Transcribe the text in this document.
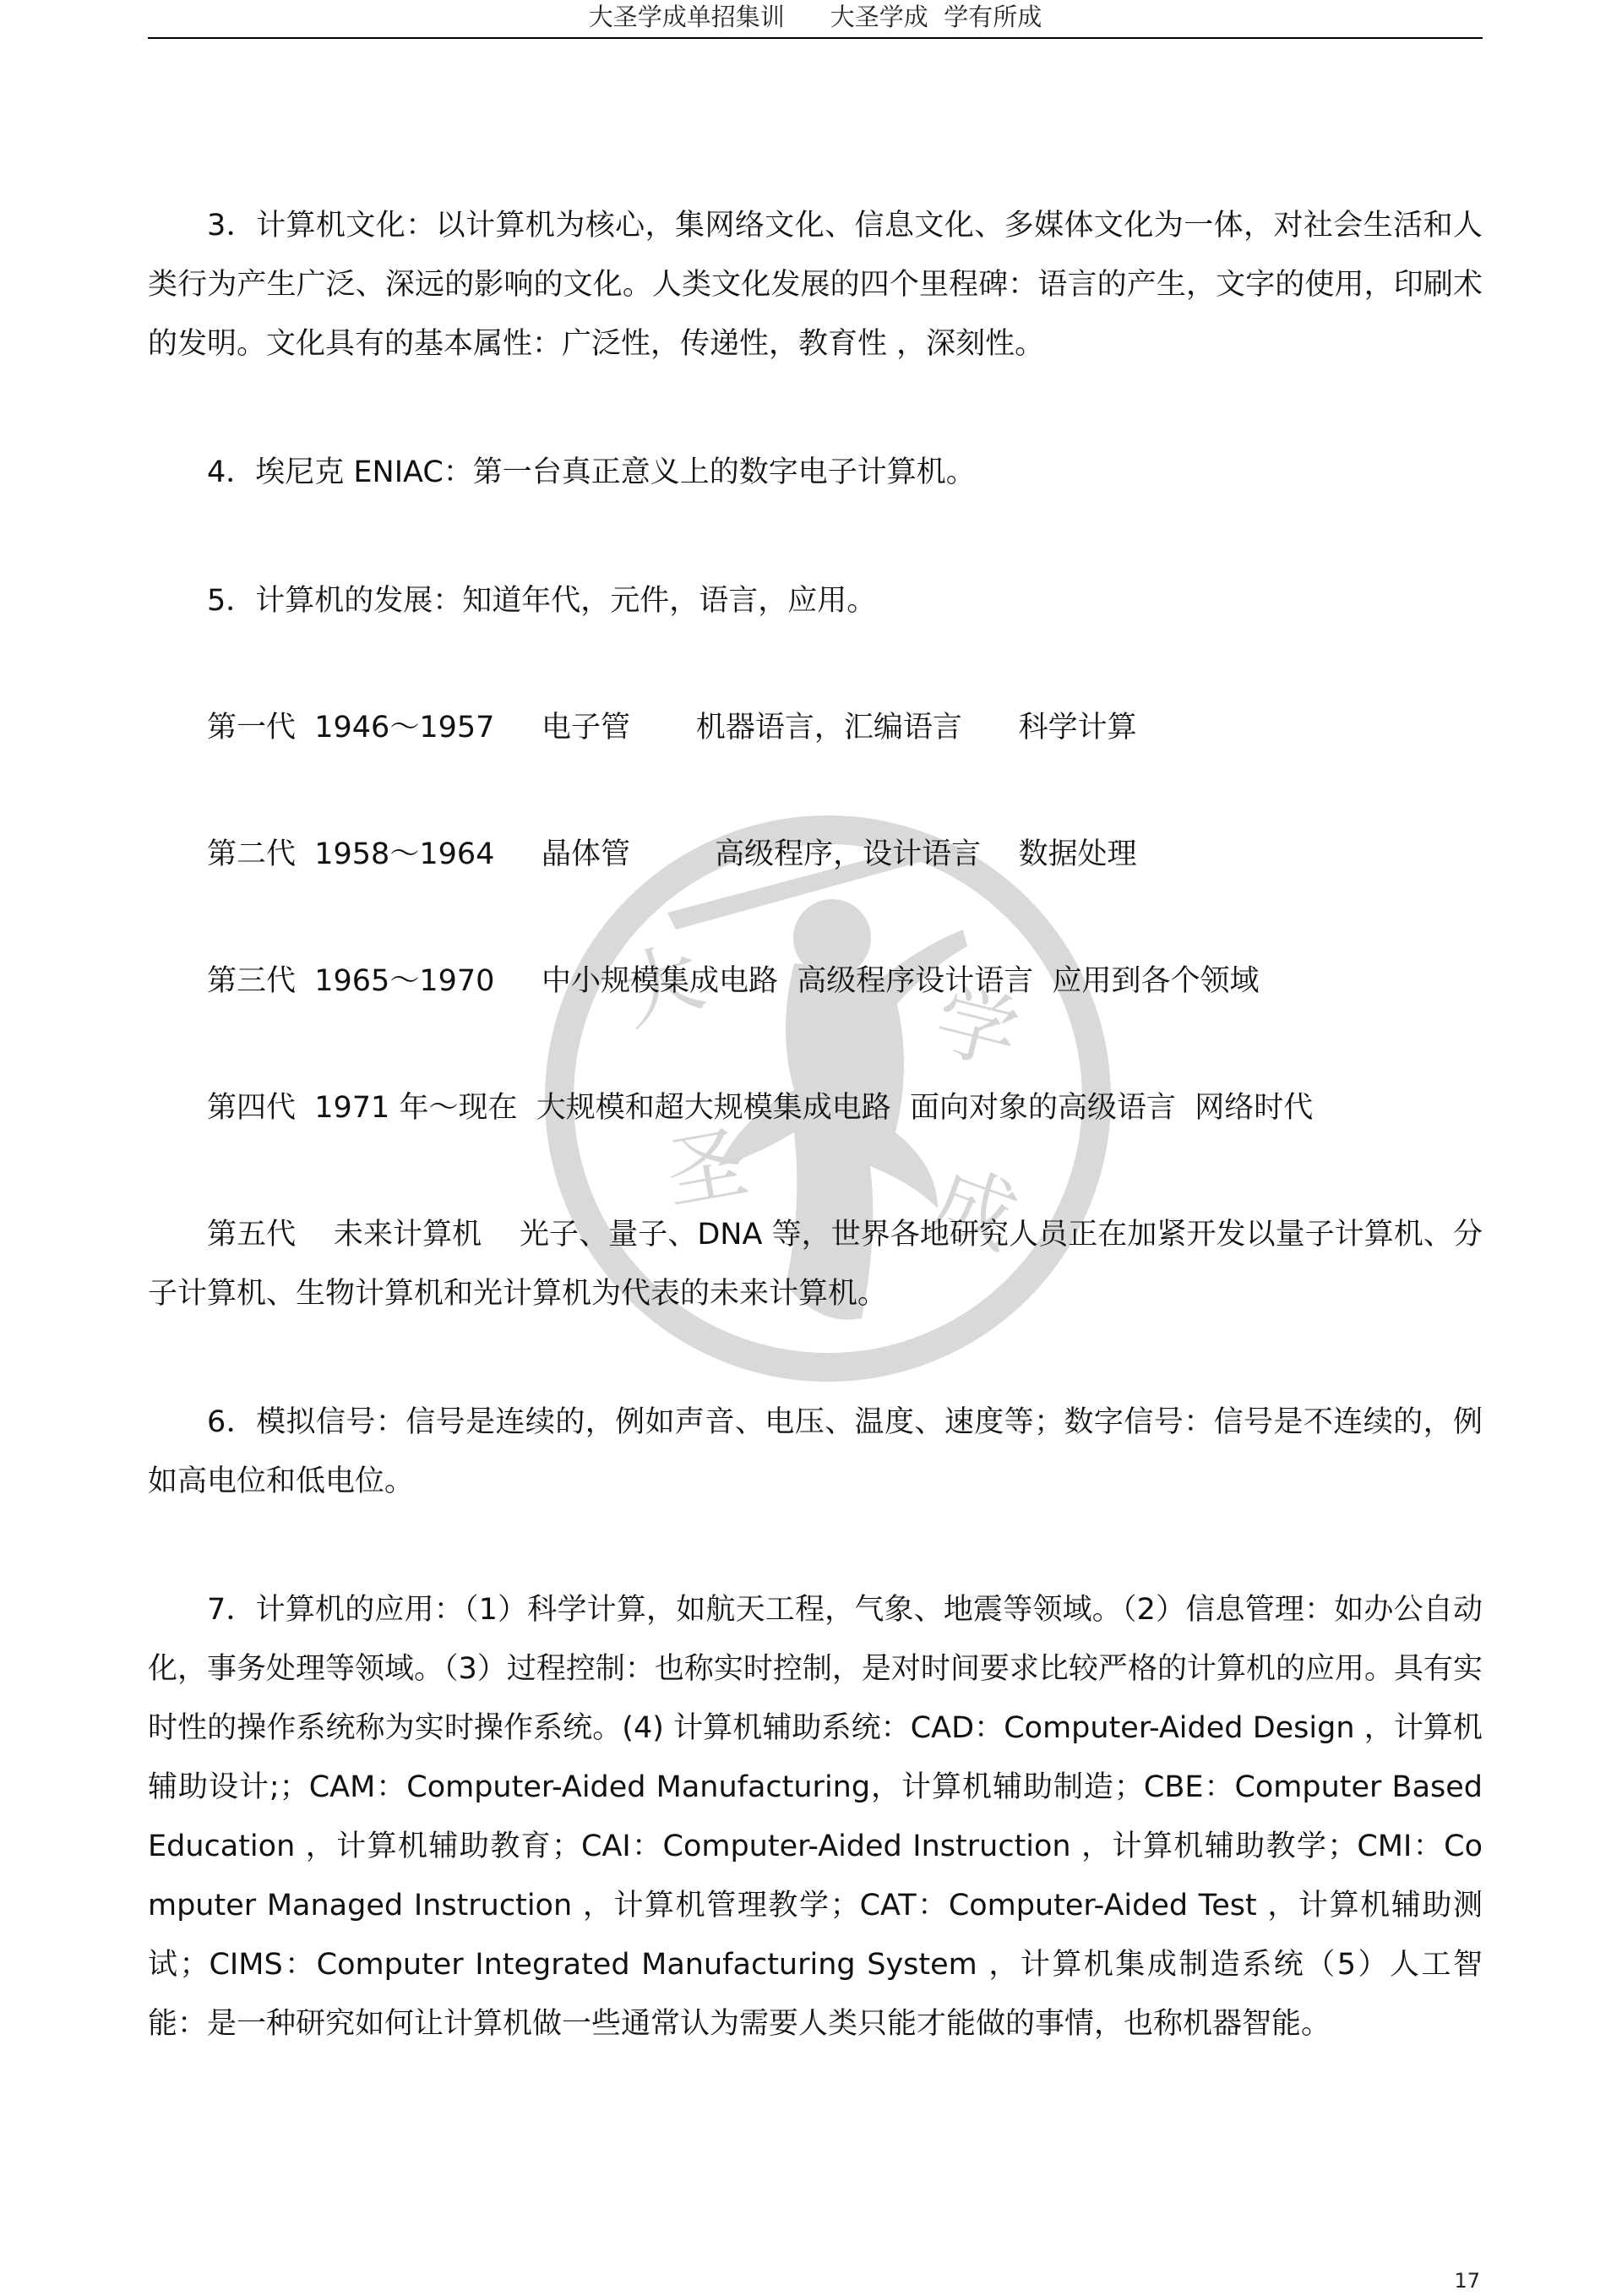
大圣学成单招集训 大圣学成  学有所成
大
圣
学
成

3．计算机文化：以计算机为核心，集网络文化、信息文化、多媒体文化为一体，对社会生活和人类行为产生广泛、深远的影响的文化。人类文化发展的四个里程碑：语言的产生，文字的使用，印刷术的发明。文化具有的基本属性：广泛性，传递性，教育性 ，深刻性。

4．埃尼克 ENIAC：第一台真正意义上的数字电子计算机。

5．计算机的发展：知道年代，元件，语言，应用。

第一代  1946～1957     电子管       机器语言，汇编语言      科学计算

第二代  1958～1964     晶体管         高级程序，设计语言    数据处理

第三代  1965～1970     中小规模集成电路  高级程序设计语言  应用到各个领域

第四代  1971 年～现在  大规模和超大规模集成电路  面向对象的高级语言  网络时代

第五代    未来计算机    光子、量子、DNA 等，世界各地研究人员正在加紧开发以量子计算机、分子计算机、生物计算机和光计算机为代表的未来计算机。

6．模拟信号：信号是连续的，例如声音、电压、温度、速度等；数字信号：信号是不连续的，例如高电位和低电位。

7．计算机的应用：（1）科学计算，如航天工程，气象、地震等领域。（2）信息管理：如办公自动化，事务处理等领域。（3）过程控制：也称实时控制，是对时间要求比较严格的计算机的应用。具有实时性的操作系统称为实时操作系统。(4) 计算机辅助系统：CAD：Computer-Aided Design ，计算机辅助设计;；CAM：Computer-Aided Manufacturing，计算机辅助制造；CBE：Computer Based Education ，计算机辅助教育；CAI：Computer-Aided Instruction ，计算机辅助教学；CMI：Computer Managed Instruction ，计算机管理教学；CAT：Computer-Aided Test ，计算机辅助测试；CIMS：Computer Integrated Manufacturing System ，计算机集成制造系统（5）人工智能：是一种研究如何让计算机做一些通常认为需要人类只能才能做的事情，也称机器智能。

17
